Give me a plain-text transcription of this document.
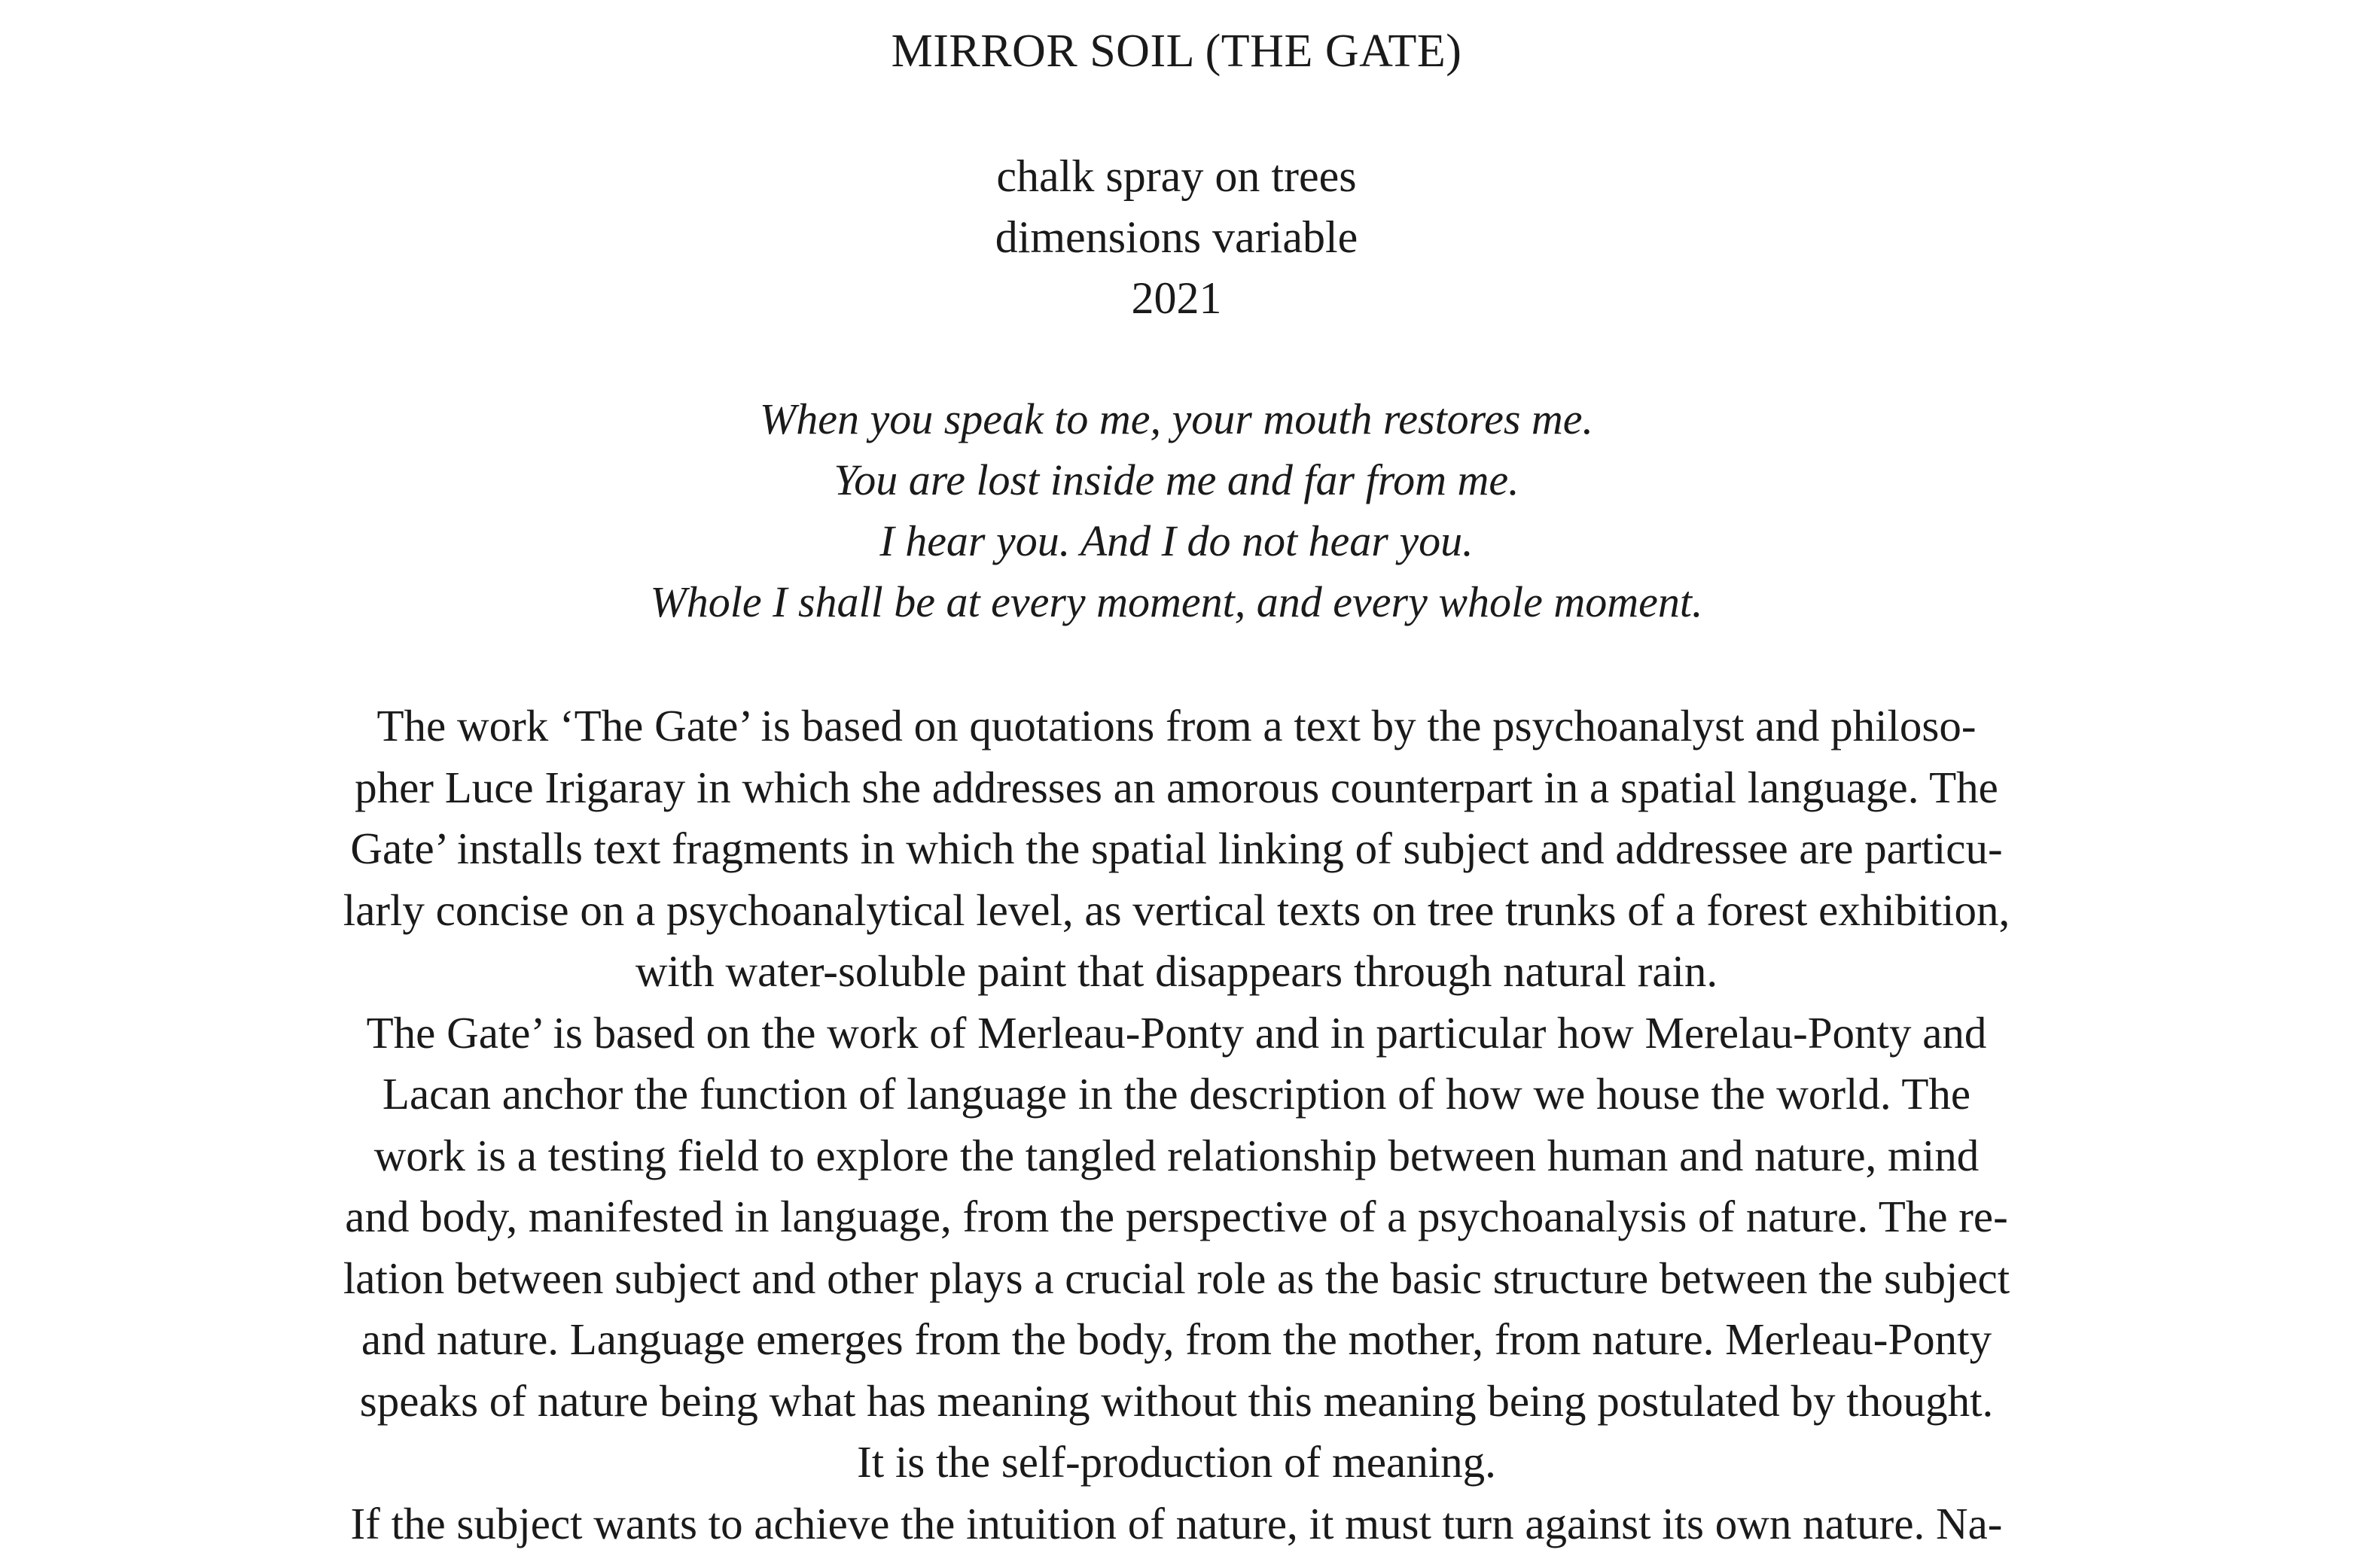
MIRROR SOIL (THE GATE)
chalk spray on trees
dimensions variable
2021
When you speak to me, your mouth restores me.
You are lost inside me and far from me.
I hear you. And I do not hear you.
Whole I shall be at every moment, and every whole moment.
The work ‘The Gate’ is based on quotations from a text by the psychoanalyst and philoso-
pher Luce Irigaray in which she addresses an amorous counterpart in a spatial language. The
Gate’ installs text fragments in which the spatial linking of subject and addressee are particu-
larly concise on a psychoanalytical level, as vertical texts on tree trunks of a forest exhibition,
with water-soluble paint that disappears through natural rain.
The Gate’ is based on the work of Merleau-Ponty and in particular how Merelau-Ponty and
Lacan anchor the function of language in the description of how we house the world. The
work is a testing field to explore the tangled relationship between human and nature, mind
and body, manifested in language, from the perspective of a psychoanalysis of nature. The re-
lation between subject and other plays a crucial role as the basic structure between the subject
and nature. Language emerges from the body, from the mother, from nature. Merleau-Ponty
speaks of nature being what has meaning without this meaning being postulated by thought.
It is the self-production of meaning.
If the subject wants to achieve the intuition of nature, it must turn against its own nature. Na-
